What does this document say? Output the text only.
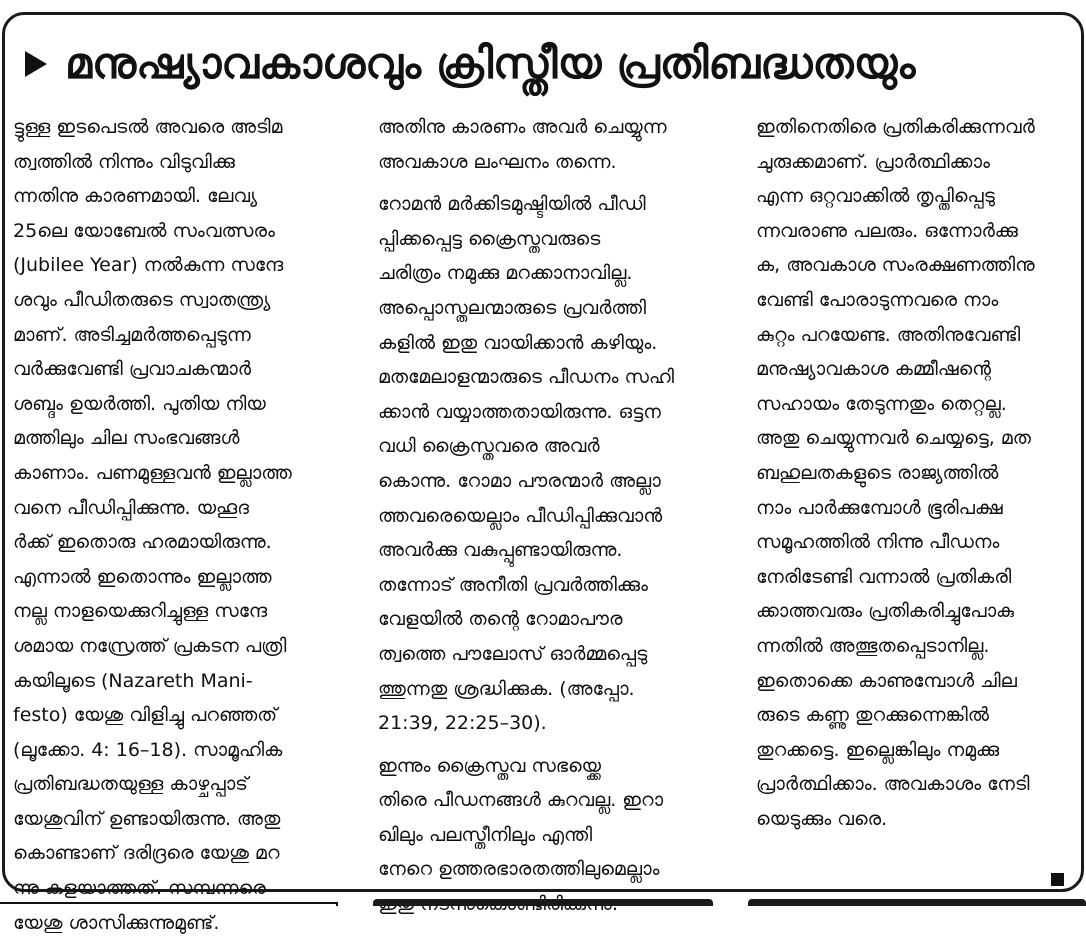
മനുഷ്യാവകാശവും ക്രിസ്തീയ പ്രതിബദ്ധതയും
ട്ടുള്ള ഇടപെടൽ അവരെ അടിമ
ത്വത്തിൽ നിന്നും വിടുവിക്കു
ന്നതിനു കാരണമായി. ലേവ്യ
25ലെ യോബേൽ സംവത്സരം
(Jubilee Year) നൽകുന്ന സന്ദേ
ശവും പീഡിതരുടെ സ്വാതന്ത്ര്യ
മാണ്. അടിച്ചമർത്തപ്പെടുന്ന
വർക്കുവേണ്ടി പ്രവാചകന്മാർ
ശബ്ദം ഉയർത്തി. പുതിയ നിയ
മത്തിലും ചില സംഭവങ്ങൾ
കാണാം. പണമുള്ളവൻ ഇല്ലാത്ത
വനെ പീഡിപ്പിക്കുന്നു. യഹൂദ
ർക്ക് ഇതൊരു ഹരമായിരുന്നു.
എന്നാൽ ഇതൊന്നും ഇല്ലാത്ത
നല്ല നാളയെക്കുറിച്ചുള്ള സന്ദേ
ശമായ നസ്രേത്ത് പ്രകടന പത്രി
കയിലൂടെ (Nazareth Mani-
festo) യേശു വിളിച്ചു പറഞ്ഞത്
(ലൂക്കോ. 4: 16–18). സാമൂഹിക
പ്രതിബദ്ധതയുള്ള കാഴ്ചപ്പാട്
യേശുവിന് ഉണ്ടായിരുന്നു. അതു
കൊണ്ടാണ് ദരിദ്രരെ യേശു മറ
ന്നു കളയാത്തത്. സമ്പന്നരെ
യേശു ശാസിക്കുന്നുമുണ്ട്.
അതിനു കാരണം അവർ ചെയ്യുന്ന
അവകാശ ലംഘനം തന്നെ.
റോമൻ മർക്കിടമുഷ്ടിയിൽ പീഡി
പ്പിക്കപ്പെട്ട ക്രൈസ്തവരുടെ
ചരിത്രം നമുക്കു മറക്കാനാവില്ല.
അപ്പൊസ്തലന്മാരുടെ പ്രവർത്തി
കളിൽ ഇതു വായിക്കാൻ കഴിയും.
മതമേലാളന്മാരുടെ പീഡനം സഹി
ക്കാൻ വയ്യാത്തതായിരുന്നു. ഒട്ടന
വധി ക്രൈസ്തവരെ അവർ
കൊന്നു. റോമാ പൗരന്മാർ അല്ലാ
ത്തവരെയെല്ലാം പീഡിപ്പിക്കുവാൻ
അവർക്കു വകുപ്പുണ്ടായിരുന്നു.
തന്നോട് അനീതി പ്രവർത്തിക്കും
വേളയിൽ തന്റെ റോമാപൗര
ത്വത്തെ പൗലോസ് ഓർമ്മപ്പെടു
ത്തുന്നതു ശ്രദ്ധിക്കുക. (അപ്പോ.
21:39, 22:25–30).
ഇന്നും ക്രൈസ്തവ സഭയ്ക്കെ
തിരെ പീഡനങ്ങൾ കുറവല്ല. ഇറാ
ഖിലും പലസ്തീനിലും എന്തി
നേറെ ഉത്തരഭാരതത്തിലുമെല്ലാം
ഇതിനെതിരെ പ്രതികരിക്കുന്നവർ
ചുരുക്കമാണ്. പ്രാർത്ഥിക്കാം
എന്ന ഒറ്റവാക്കിൽ തൃപ്തിപ്പെടു
ന്നവരാണു പലരും. ഒന്നോർക്കു
ക, അവകാശ സംരക്ഷണത്തിനു
വേണ്ടി പോരാടുന്നവരെ നാം
കുറ്റം പറയേണ്ട. അതിനുവേണ്ടി
മനുഷ്യാവകാശ കമ്മീഷന്റെ
സഹായം തേടുന്നതും തെറ്റല്ല.
അതു ചെയ്യുന്നവർ ചെയ്യട്ടെ, മത
ബഹുലതകളുടെ രാജ്യത്തിൽ
നാം പാർക്കുമ്പോൾ ഭൂരിപക്ഷ
സമൂഹത്തിൽ നിന്നു പീഡനം
നേരിടേണ്ടി വന്നാൽ പ്രതികരി
ക്കാത്തവരും പ്രതികരിച്ചുപോകു
ന്നതിൽ അത്ഭുതപ്പെടാനില്ല.
ഇതൊക്കെ കാണുമ്പോൾ ചില
രുടെ കണ്ണു തുറക്കുന്നെങ്കിൽ
തുറക്കട്ടെ. ഇല്ലെങ്കിലും നമുക്കു
പ്രാർത്ഥിക്കാം. അവകാശം നേടി
യെടുക്കും വരെ.
